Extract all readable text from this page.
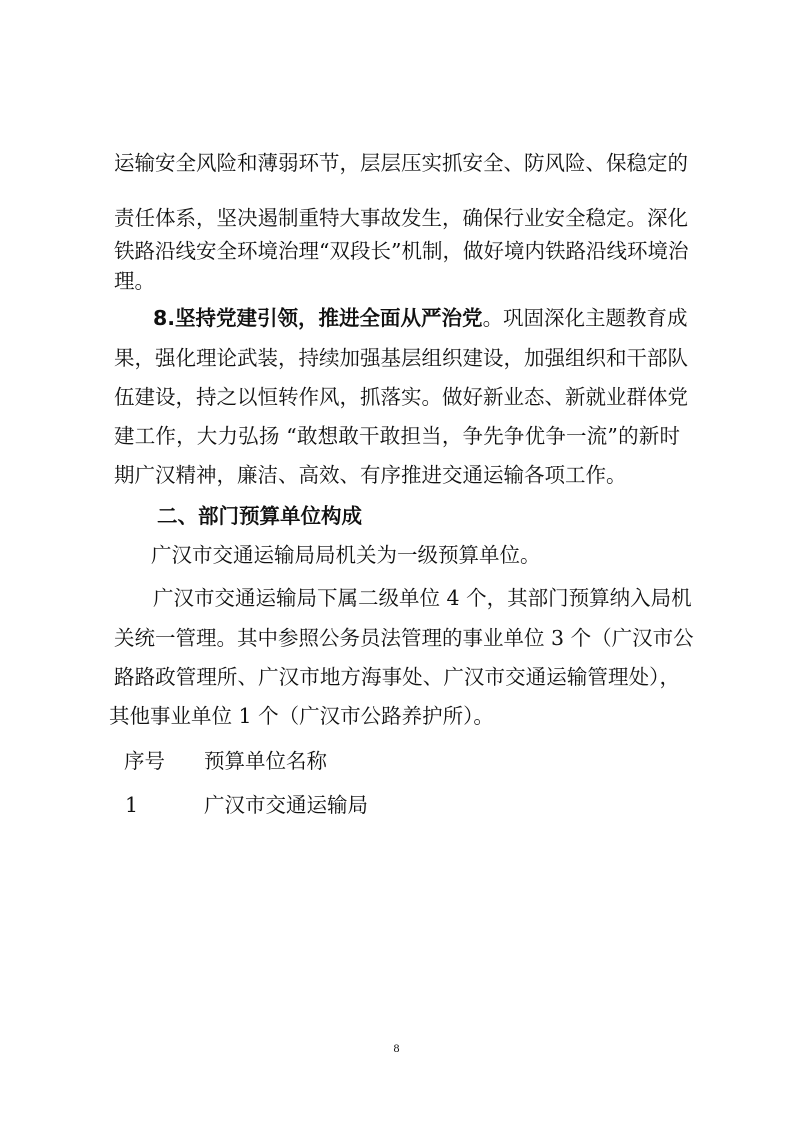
运输安全风险和薄弱环节，层层压实抓安全、防风险、保稳定的
责任体系，坚决遏制重特大事故发生，确保行业安全稳定。深化
铁路沿线安全环境治理“双段长”机制，做好境内铁路沿线环境治
理。
8.坚持党建引领，推进全面从严治党 。巩固深化主题教育成
果，强化理论武装，持续加强基层组织建设，加强组织和干部队
伍建设，持之以恒转作风，抓落实。做好新业态、新就业群体党
建工作，大力弘扬 “敢想敢干敢担当，争先争优争一流”的新时
期广汉精神，廉洁、高效、有序推进交通运输各项工作。
二、部门预算单位构成
广汉市交通运输局局机关为一级预算单位。
广汉市交通运输局下属二级单位 4 个，其部门预算纳入局机
关统一管理。其中参照公务员法管理的事业单位 3 个（广汉市公
路路政管理所、广汉市地方海事处、广汉市交通运输管理处），
其他事业单位 1 个（广汉市公路养护所）。
序号 预算单位名称
1	广汉市交通运输局
8
